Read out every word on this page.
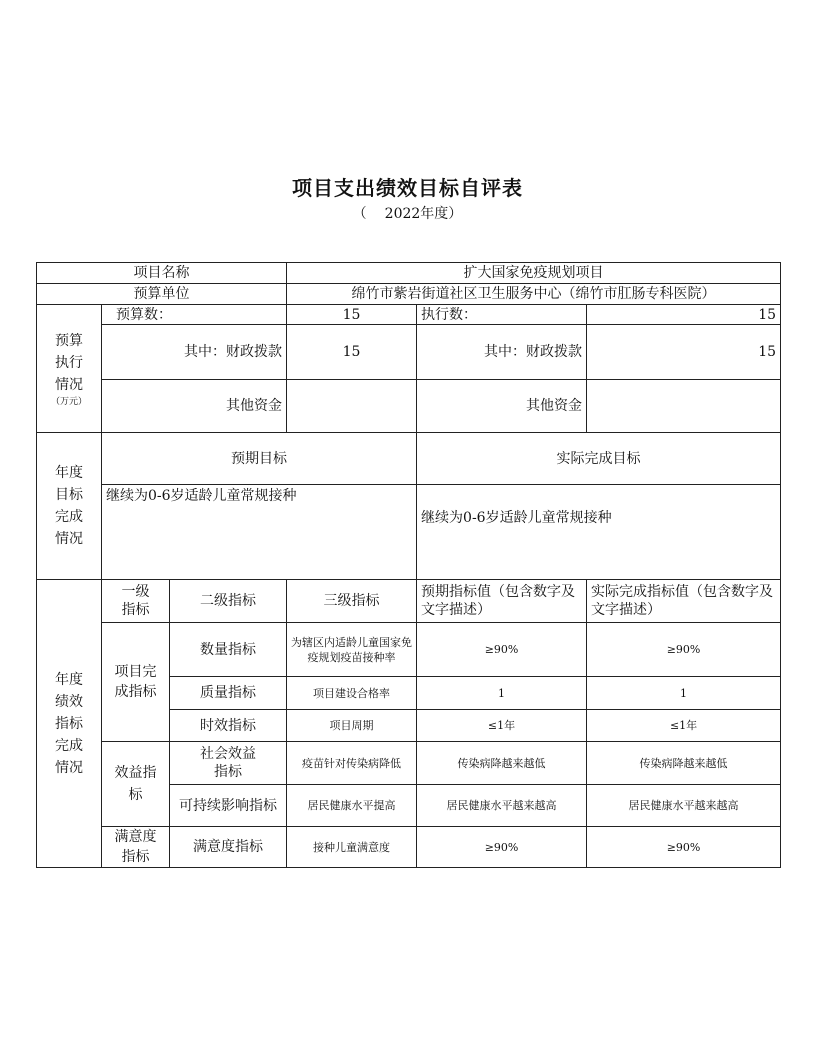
项目支出绩效目标自评表
（ 2022年度）
项目名称			扩大国家免疫规划项目		
预算单位			绵竹市紫岩街道社区卫生服务中心（绵竹市肛肠专科医院）		
预算执行情况
（万元）	预算数：		15	执行数：	15
	其中：财政拨款		15	其中：财政拨款	15
	其他资金			其他资金	
年度目标完成情况	预期目标			实际完成目标	
	继续为0-6岁适龄儿童常规接种			继续为0-6岁适龄儿童常规接种	

年度绩效指标完成情况	一级指标	二级指标	三级指标	预期指标值（包含数字及文字描述）	实际完成指标值（包含数字及文字描述）
	项目完成指标	数量指标	为辖区内适龄儿童国家免疫规划疫苗接种率	≥90%	≥90%
		质量指标	项目建设合格率	1	1
		时效指标	项目周期	≤1年	≤1年
	效益指标	社会效益指标	疫苗针对传染病降低	传染病降越来越低	传染病降越来越低
		可持续影响指标	居民健康水平提高	居民健康水平越来越高	居民健康水平越来越高
	满意度指标	满意度指标	接种儿童满意度	≥90%	≥90%
